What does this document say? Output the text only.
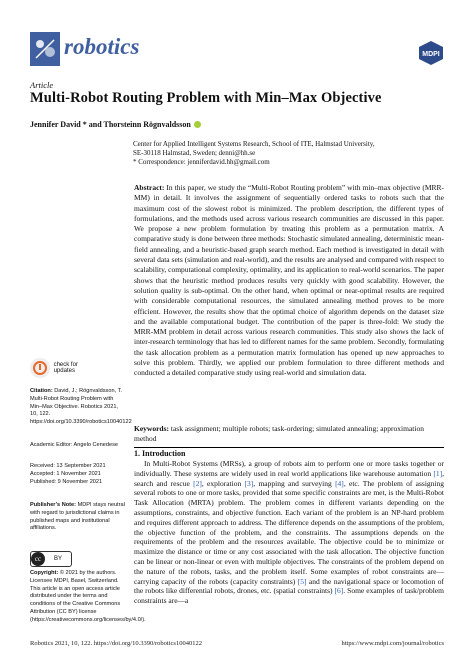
robotics	MDPI
Article
Multi-Robot Routing Problem with Min–Max Objective
Jennifer David * and Thorsteinn Rögnvaldsson
Center for Applied Intelligent Systems Research, School of ITE, Halmstad University,
SE-30118 Halmstad, Sweden; denni@hh.se
* Correspondence: jenniferdavid.hh@gmail.com
Abstract: In this paper, we study the “Multi-Robot Routing problem” with min–max objective (MRR-MM) in detail. It involves the assignment of sequentially ordered tasks to robots such that the maximum cost of the slowest robot is minimized. The problem description, the different types of formulations, and the methods used across various research communities are discussed in this paper. We propose a new problem formulation by treating this problem as a permutation matrix. A comparative study is done between three methods: Stochastic simulated annealing, deterministic mean-field annealing, and a heuristic-based graph search method. Each method is investigated in detail with several data sets (simulation and real-world), and the results are analysed and compared with respect to scalability, computational complexity, optimality, and its application to real-world scenarios. The paper shows that the heuristic method produces results very quickly with good scalability. However, the solution quality is sub-optimal. On the other hand, when optimal or near-optimal results are required with considerable computational resources, the simulated annealing method proves to be more efficient. However, the results show that the optimal choice of algorithm depends on the dataset size and the available computational budget. The contribution of the paper is three-fold: We study the MRR-MM problem in detail across various research communities. This study also shows the lack of inter-research terminology that has led to different names for the same problem. Secondly, formulating the task allocation problem as a permutation matrix formulation has opened up new approaches to solve this problem. Thirdly, we applied our problem formulation to three different methods and conducted a detailed comparative study using real-world and simulation data.
Keywords: task assignment; multiple robots; task-ordering; simulated annealing; approximation method
check for updates
Citation: David, J.; Rögnvaldsson, T. Multi-Robot Routing Problem with Min–Max Objective. Robotics 2021, 10, 122. https://doi.org/10.3390/robotics10040122
Academic Editor: Angelo Cenedese
Received: 13 September 2021
Accepted: 1 November 2021
Published: 9 November 2021
Publisher’s Note: MDPI stays neutral with regard to jurisdictional claims in published maps and institutional affiliations.
cc	BY
Copyright: © 2021 by the authors. Licensee MDPI, Basel, Switzerland. This article is an open access article distributed under the terms and conditions of the Creative Commons Attribution (CC BY) license (https://creativecommons.org/licenses/by/4.0/).
1. Introduction
In Multi-Robot Systems (MRSs), a group of robots aim to perform one or more tasks together or individually. These systems are widely used in real world applications like warehouse automation [1], search and rescue [2], exploration [3], mapping and surveying [4], etc. The problem of assigning several robots to one or more tasks, provided that some specific constraints are met, is the Multi-Robot Task Allocation (MRTA) problem. The problem comes in different variants depending on the assumptions, constraints, and objective function. Each variant of the problem is an NP-hard problem and requires different approach to address. The difference depends on the assumptions of the problem, the objective function of the problem, and the constraints. The assumptions depends on the requirements of the problem and the resources available. The objective could be to minimize or maximize the distance or time or any cost associated with the task allocation. The objective function can be linear or non-linear or even with multiple objectives. The constraints of the problem depend on the nature of the robots, tasks, and the problem itself. Some examples of robot constraints are—carrying capacity of the robots (capacity constraints) [5] and the navigational space or locomotion of the robots like differential robots, drones, etc. (spatial constraints) [6]. Some examples of task/problem constraints are—a
Robotics 2021, 10, 122. https://doi.org/10.3390/robotics10040122	https://www.mdpi.com/journal/robotics
